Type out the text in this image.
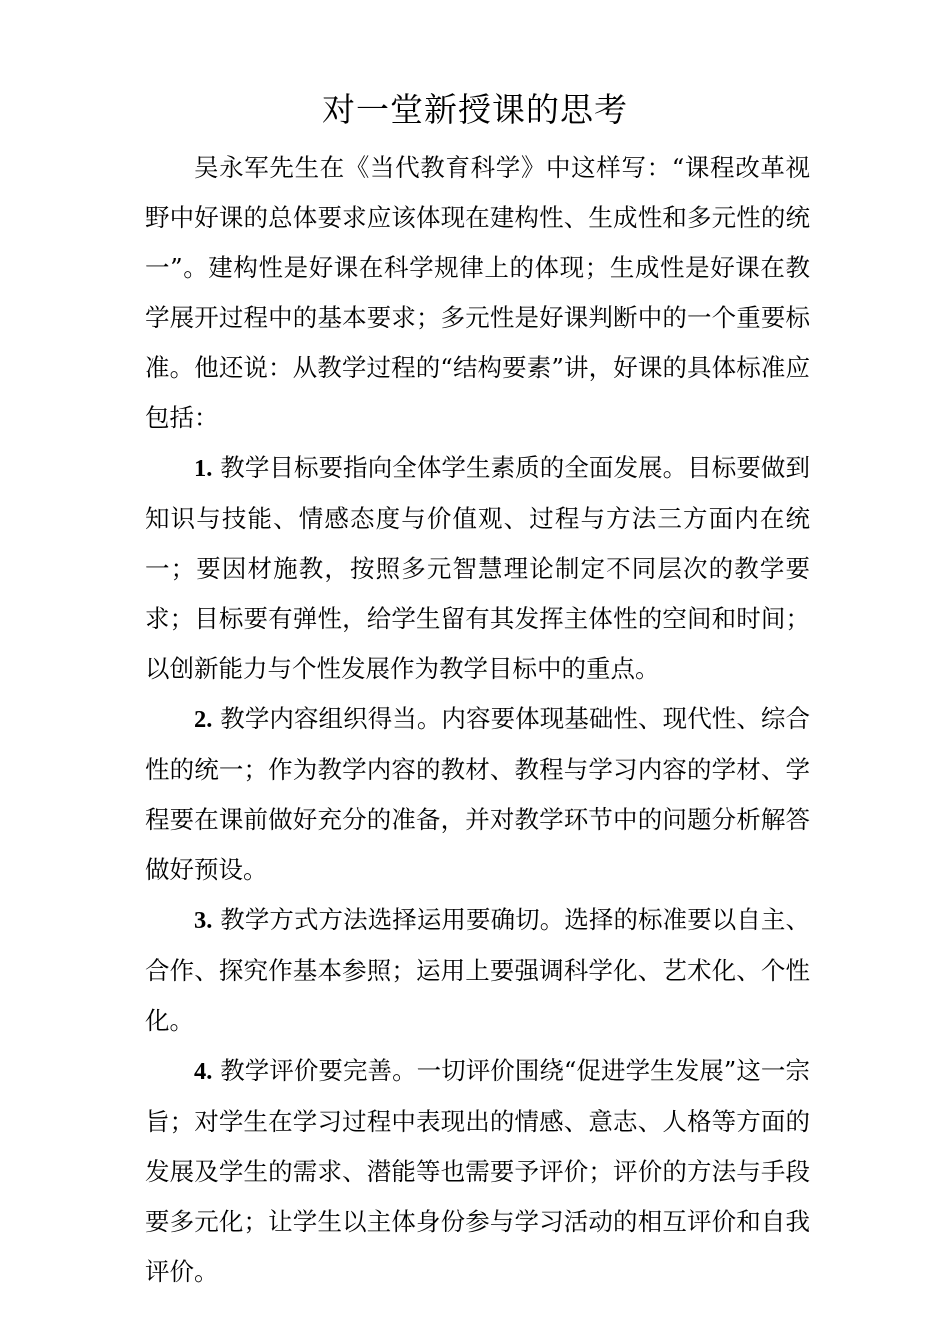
对一堂新授课的思考

吴永军先生在《当代教育科学》中这样写：“课程改革视野中好课的总体要求应该体现在建构性、生成性和多元性的统一”。建构性是好课在科学规律上的体现；生成性是好课在教学展开过程中的基本要求；多元性是好课判断中的一个重要标准。他还说：从教学过程的“结构要素”讲，好课的具体标准应包括：

1. 教学目标要指向全体学生素质的全面发展。目标要做到知识与技能、情感态度与价值观、过程与方法三方面内在统一；要因材施教，按照多元智慧理论制定不同层次的教学要求；目标要有弹性，给学生留有其发挥主体性的空间和时间；以创新能力与个性发展作为教学目标中的重点。

2. 教学内容组织得当。内容要体现基础性、现代性、综合性的统一；作为教学内容的教材、教程与学习内容的学材、学程要在课前做好充分的准备，并对教学环节中的问题分析解答做好预设。

3. 教学方式方法选择运用要确切。选择的标准要以自主、合作、探究作基本参照；运用上要强调科学化、艺术化、个性化。

4. 教学评价要完善。一切评价围绕“促进学生发展”这一宗旨；对学生在学习过程中表现出的情感、意志、人格等方面的发展及学生的需求、潜能等也需要予评价；评价的方法与手段要多元化；让学生以主体身份参与学习活动的相互评价和自我评价。
